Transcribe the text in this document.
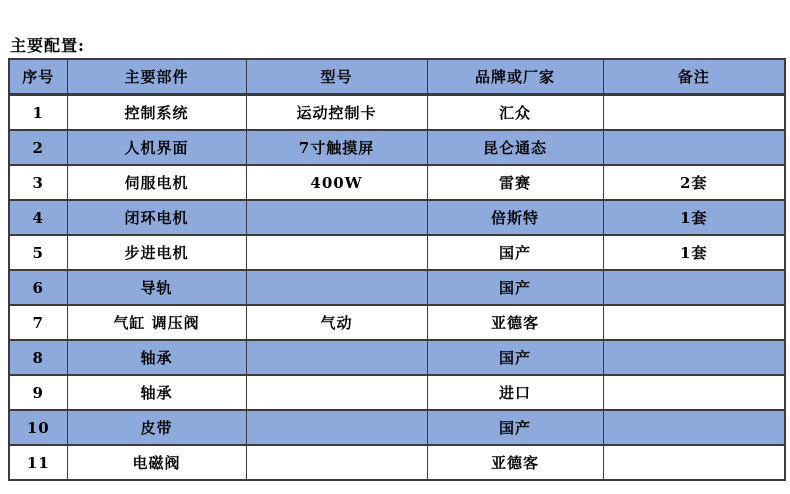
主要配置:
序号	主要部件	型号	品牌或厂家	备注
1	控制系统	运动控制卡	汇众	
2	人机界面	7寸触摸屏	昆仑通态	
3	伺服电机	400W	雷赛	2套
4	闭环电机		倍斯特	1套
5	步进电机		国产	1套
6	导轨		国产	
7	气缸 调压阀	气动	亚德客	
8	轴承		国产	
9	轴承		进口	
10	皮带		国产	
11	电磁阀		亚德客	
